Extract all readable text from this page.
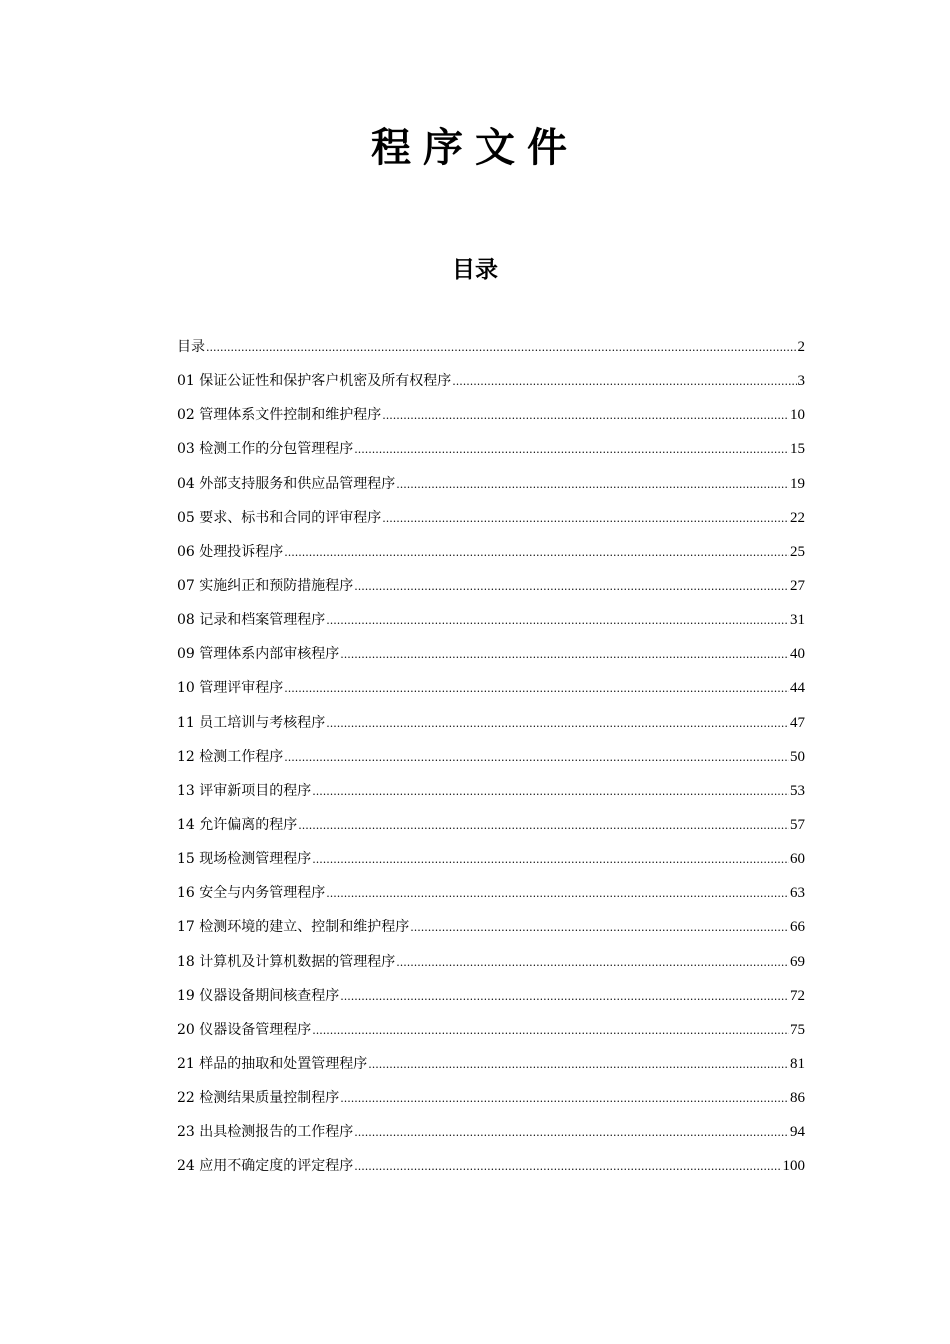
程序文件
目录
目录 .....	2
01 保证公证性和保护客户机密及所有权程序 .....	3
02 管理体系文件控制和维护程序 .....	10
03 检测工作的分包管理程序 .....	15
04 外部支持服务和供应品管理程序 .....	19
05 要求、标书和合同的评审程序 .....	22
06 处理投诉程序 .....	25
07 实施纠正和预防措施程序 .....	27
08 记录和档案管理程序 .....	31
09 管理体系内部审核程序 .....	40
10 管理评审程序 .....	44
11 员工培训与考核程序 .....	47
12 检测工作程序 .....	50
13 评审新项目的程序 .....	53
14 允许偏离的程序 .....	57
15 现场检测管理程序 .....	60
16 安全与内务管理程序 .....	63
17 检测环境的建立、控制和维护程序 .....	66
18 计算机及计算机数据的管理程序 .....	69
19 仪器设备期间核查程序 .....	72
20 仪器设备管理程序 .....	75
21 样品的抽取和处置管理程序 .....	81
22 检测结果质量控制程序 .....	86
23 出具检测报告的工作程序 .....	94
24 应用不确定度的评定程序 .....	100
